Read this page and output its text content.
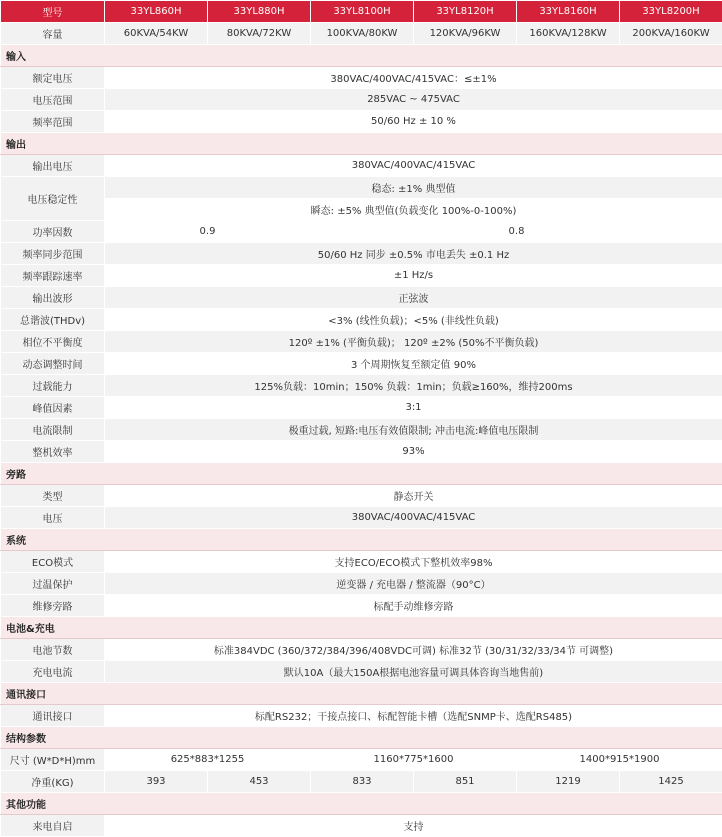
型号	33YL860H	33YL880H	33YL8100H	33YL8120H	33YL8160H	33YL8200H
容量	60KVA/54KW	80KVA/72KW	100KVA/80KW	120KVA/96KW	160KVA/128KW	200KVA/160KW
输入						
额定电压	380VAC/400VAC/415VAC：≤±1%					
电压范围	285VAC ~ 475VAC					
频率范围	50/60 Hz ± 10 %					
输出						
输出电压	380VAC/400VAC/415VAC					
电压稳定性	稳态: ±1% 典型值					
	瞬态: ±5% 典型值(负载变化 100%-0-100%)					
功率因数	0.9		0.8			
频率同步范围	50/60 Hz 同步 ±0.5% 市电丢失 ±0.1 Hz					
频率跟踪速率	±1 Hz/s					
输出波形	正弦波					
总谐波(THDv)	<3% (线性负载)；<5% (非线性负载)					
相位不平衡度	120º ±1% (平衡负载)； 120º ±2% (50%不平衡负载)					
动态调整时间	3 个周期恢复至额定值 90%					
过载能力	125%负载：10min；150% 负载：1min；负载≥160%，维持200ms					
峰值因素	3:1					
电流限制	极重过载, 短路:电压有效值限制; 冲击电流:峰值电压限制					
整机效率	93%					
旁路						
类型	静态开关					
电压	380VAC/400VAC/415VAC					
系统						
ECO模式	支持ECO/ECO模式下整机效率98%					
过温保护	逆变器 / 充电器 / 整流器（90°C）					
维修旁路	标配手动维修旁路					
电池&充电						
电池节数	标准384VDC (360/372/384/396/408VDC可调) 标准32节 (30/31/32/33/34节 可调整)					
充电电流	默认10A（最大150A根据电池容量可调具体咨询当地售前)					
通讯接口						
通讯接口	标配RS232；干接点接口、标配智能卡槽（选配SNMP卡、选配RS485)					
结构参数						
尺寸 (W*D*H)mm	625*883*1255		1160*775*1600		1400*915*1900	
净重(KG)	393	453	833	851	1219	1425
其他功能						
来电自启	支持					
